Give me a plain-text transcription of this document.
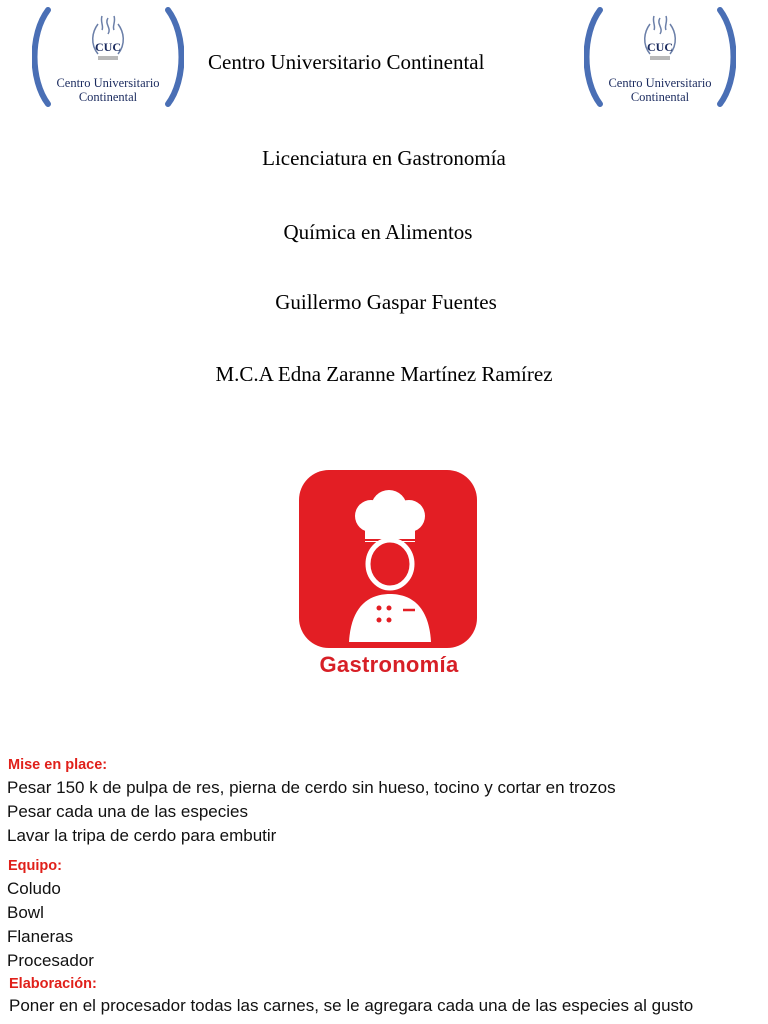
CUC
Centro Universitario
Continental
Centro Universitario Continental
CUC
Centro Universitario
Continental
Licenciatura en Gastronomía
Química en Alimentos
Guillermo Gaspar Fuentes
M.C.A Edna Zaranne Martínez Ramírez
Gastronomía
Mise en place:
Pesar 150 k de pulpa de res, pierna de cerdo sin hueso, tocino y cortar en trozos
Pesar cada una de las especies
Lavar la tripa de cerdo para embutir
Equipo:
Coludo
Bowl
Flaneras
Procesador
Elaboración:
Poner en el procesador todas las carnes, se le agregara cada una de las especies al gusto
